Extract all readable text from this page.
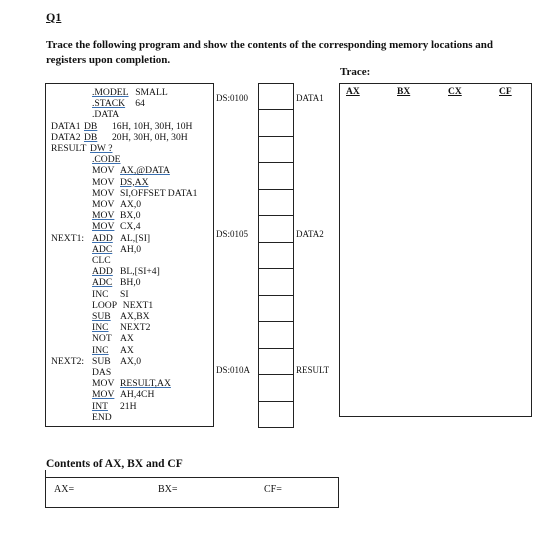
Q1
Trace the following program and show the contents of the corresponding memory locations and registers upon completion.
Trace:
.MODEL SMALL
.STACK 64
.DATA
DATA1 DB 16H, 10H, 30H, 10H
DATA2 DB 20H, 30H, 0H, 30H
RESULT DW ?
.CODE
MOV AX,@DATA
MOV DS,AX
MOV SI,OFFSET DATA1
MOV AX,0
MOV BX,0
MOV CX,4
NEXT1: ADD AL,[SI]
ADC AH,0
CLC
ADD BL,[SI+4]
ADC BH,0
INC SI
LOOP NEXT1
SUB AX,BX
INC NEXT2
NOT AX
INC AX
NEXT2: SUB AX,0
DAS
MOV RESULT,AX
MOV AH,4CH
INT 21H
END
DS:0100
DS:0105
DS:010A
DATA1
DATA2
RESULT
AX	BX	CX	CF
Contents of AX, BX and CF
AX=	BX=	CF=
